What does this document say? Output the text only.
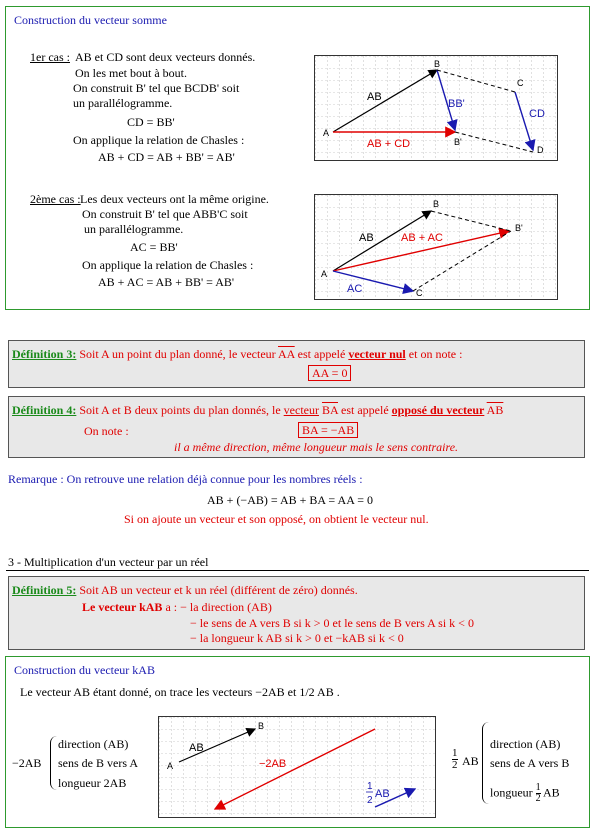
Construction du vecteur somme
1er cas : AB et CD sont deux vecteurs donnés.
On les met bout à bout.
On construit B' tel que BCDB' soit
un parallélogramme.
CD = BB'
On applique la relation de Chasles :
AB + CD = AB + BB' = AB'
A
B
C
D
B'
AB
BB'
CD
AB + CD
2ème cas : Les deux vecteurs ont la même origine.
On construit B' tel que ABB'C soit
un parallélogramme.
AC = BB'
On applique la relation de Chasles :
AB + AC = AB + BB' = AB'
A
B
C
B'
AB
AC
AB + AC
Définition 3: Soit A un point du plan donné, le vecteur $\overline{AA}$ est appelé vecteur nul et on note :
AA = 0
Définition 4: Soit A et B deux points du plan donnés, le vecteur $\overline{BA}$ est appelé opposé du vecteur $\overline{AB}$
On note :	BA = −AB
il a même direction, même longueur mais le sens contraire.
Remarque : On retrouve une relation déjà connue pour les nombres réels :
AB + (−AB) = AB + BA = AA = 0
Si on ajoute un vecteur et son opposé, on obtient le vecteur nul.
3 - Multiplication d'un vecteur par un réel
Définition 5: Soit AB un vecteur et k un réel (différent de zéro) donnés.
Le vecteur kAB a : − la direction (AB)
− le sens de A vers B si k > 0 et le sens de B vers A si k < 0
− la longueur k AB si k > 0 et −kAB si k < 0
Construction du vecteur kAB
Le vecteur AB étant donné, on trace les vecteurs −2AB et 1/2 AB .
−2AB
direction (AB)
sens de B vers A
longueur 2AB
A
B
AB
−2AB
1
2
AB
1
2 AB
direction (AB)
sens de A vers B
longueur $\frac{1}{2}$ AB
